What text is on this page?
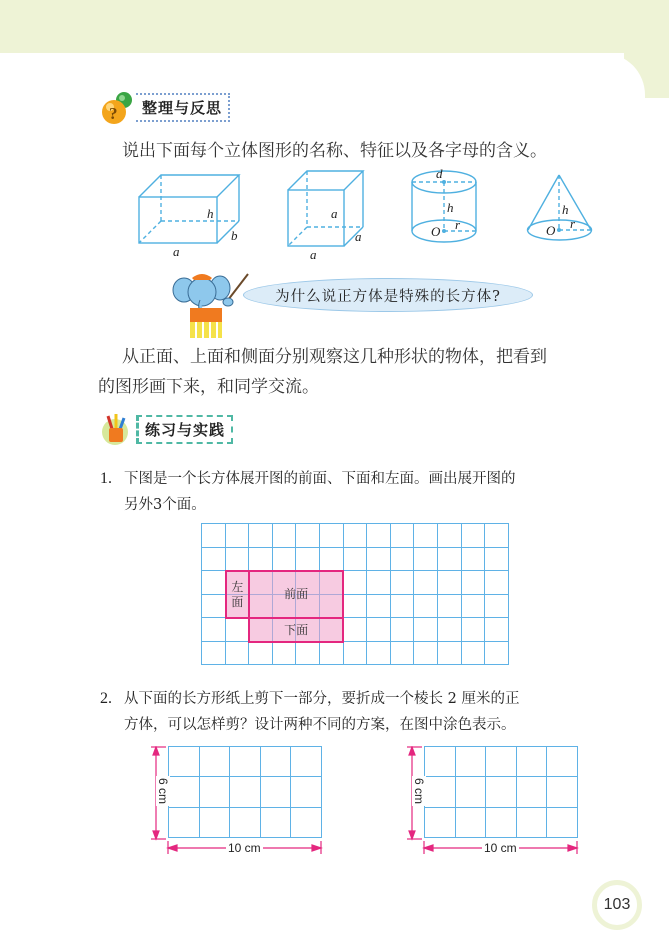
?	整理与反思
说出下面每个立体图形的名称、特征以及各字母的含义。
h
b
a
a
a
a
d
h
O r
h
O r
为什么说正方体是特殊的长方体?
从正面、上面和侧面分别观察这几种形状的物体，把看到
的图形画下来，和同学交流。
练习与实践
1. 下图是一个长方体展开图的前面、下面和左面。画出展开图的
另外3个面。
左
面
前面
下面
2. 从下面的长方形纸上剪下一部分，要折成一个棱长 2 厘米的正
方体，可以怎样剪？设计两种不同的方案，在图中涂色表示。
6 cm
10 cm
6 cm
10 cm
103
